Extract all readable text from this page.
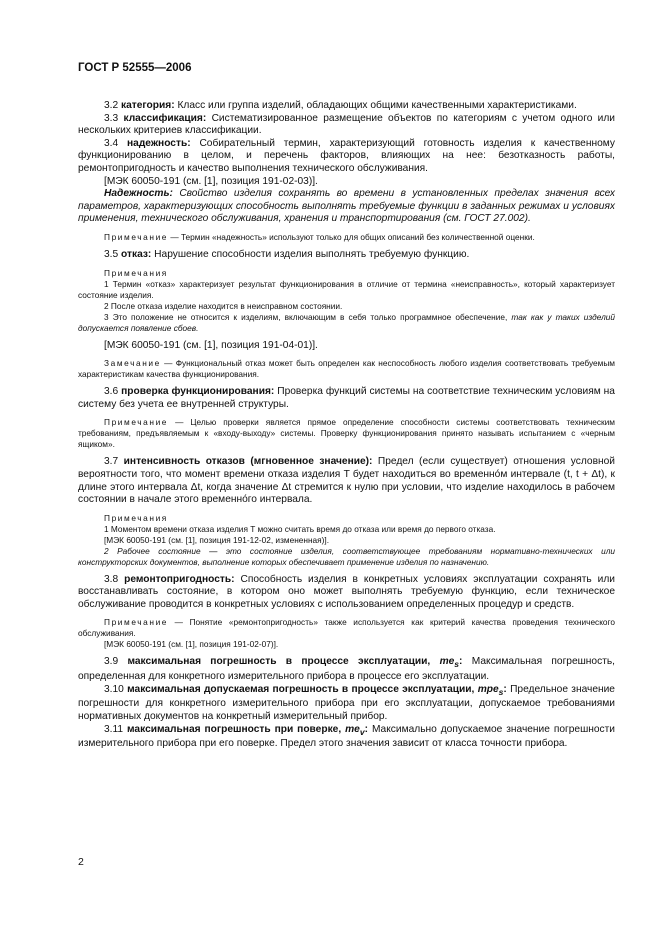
ГОСТ Р 52555—2006

3.2 категория: Класс или группа изделий, обладающих общими качественными характеристиками.

3.3 классификация: Систематизированное размещение объектов по категориям с учетом одного или нескольких критериев классификации.

3.4 надежность: Собирательный термин, характеризующий готовность изделия к качественному функционированию в целом, и перечень факторов, влияющих на нее: безотказность работы, ремонтопригодность и качество выполнения технического обслуживания.

[МЭК 60050-191 (см. [1], позиция 191-02-03)].

Надежность: Свойство изделия сохранять во времени в установленных пределах значения всех параметров, характеризующих способность выполнять требуемые функции в заданных режимах и условиях применения, технического обслуживания, хранения и транспортирования (см. ГОСТ 27.002).

Примечание — Термин «надежность» используют только для общих описаний без количественной оценки.

3.5 отказ: Нарушение способности изделия выполнять требуемую функцию.

Примечания

1 Термин «отказ» характеризует результат функционирования в отличие от термина «неисправность», который характеризует состояние изделия.

2 После отказа изделие находится в неисправном состоянии.

3 Это положение не относится к изделиям, включающим в себя только программное обеспечение, так как у таких изделий допускается появление сбоев.

[МЭК 60050-191 (см. [1], позиция 191-04-01)].

Замечание — Функциональный отказ может быть определен как неспособность любого изделия соответствовать требуемым характеристикам качества функционирования.

3.6 проверка функционирования: Проверка функций системы на соответствие техническим условиям на систему без учета ее внутренней структуры.

Примечание — Целью проверки является прямое определение способности системы соответствовать техническим требованиям, предъявляемым к «входу-выходу» системы. Проверку функционирования принято называть испытанием с «черным ящиком».

3.7 интенсивность отказов (мгновенное значение): Предел (если существует) отношения условной вероятности того, что момент времени отказа изделия T будет находиться во временно́м интервале (t, t + Δt), к длине этого интервала Δt, когда значение Δt стремится к нулю при условии, что изделие находилось в рабочем состоянии в начале этого временно́го интервала.

Примечания

1 Моментом времени отказа изделия T можно считать время до отказа или время до первого отказа.

[МЭК 60050-191 (см. [1], позиция 191-12-02, измененная)].

2 Рабочее состояние — это состояние изделия, соответствующее требованиям нормативно-технических или конструкторских документов, выполнение которых обеспечивает применение изделия по назначению.

3.8 ремонтопригодность: Способность изделия в конкретных условиях эксплуатации сохранять или восстанавливать состояние, в котором оно может выполнять требуемую функцию, если техническое обслуживание проводится в конкретных условиях с использованием определенных процедур и средств.

Примечание — Понятие «ремонтопригодность» также используется как критерий качества проведения технического обслуживания.

[МЭК 60050-191 (см. [1], позиция 191-02-07)].

3.9 максимальная погрешность в процессе эксплуатации, $me_s$: Максимальная погрешность, определенная для конкретного измерительного прибора в процессе его эксплуатации.

3.10 максимальная допускаемая погрешность в процессе эксплуатации, mpe$_s$: Предельное значение погрешности для конкретного измерительного прибора при его эксплуатации, допускаемое требованиями нормативных документов на конкретный измерительный прибор.

3.11 максимальная погрешность при поверке, $me_v$: Максимально допускаемое значение погрешности измерительного прибора при его поверке. Предел этого значения зависит от класса точности прибора.

2
